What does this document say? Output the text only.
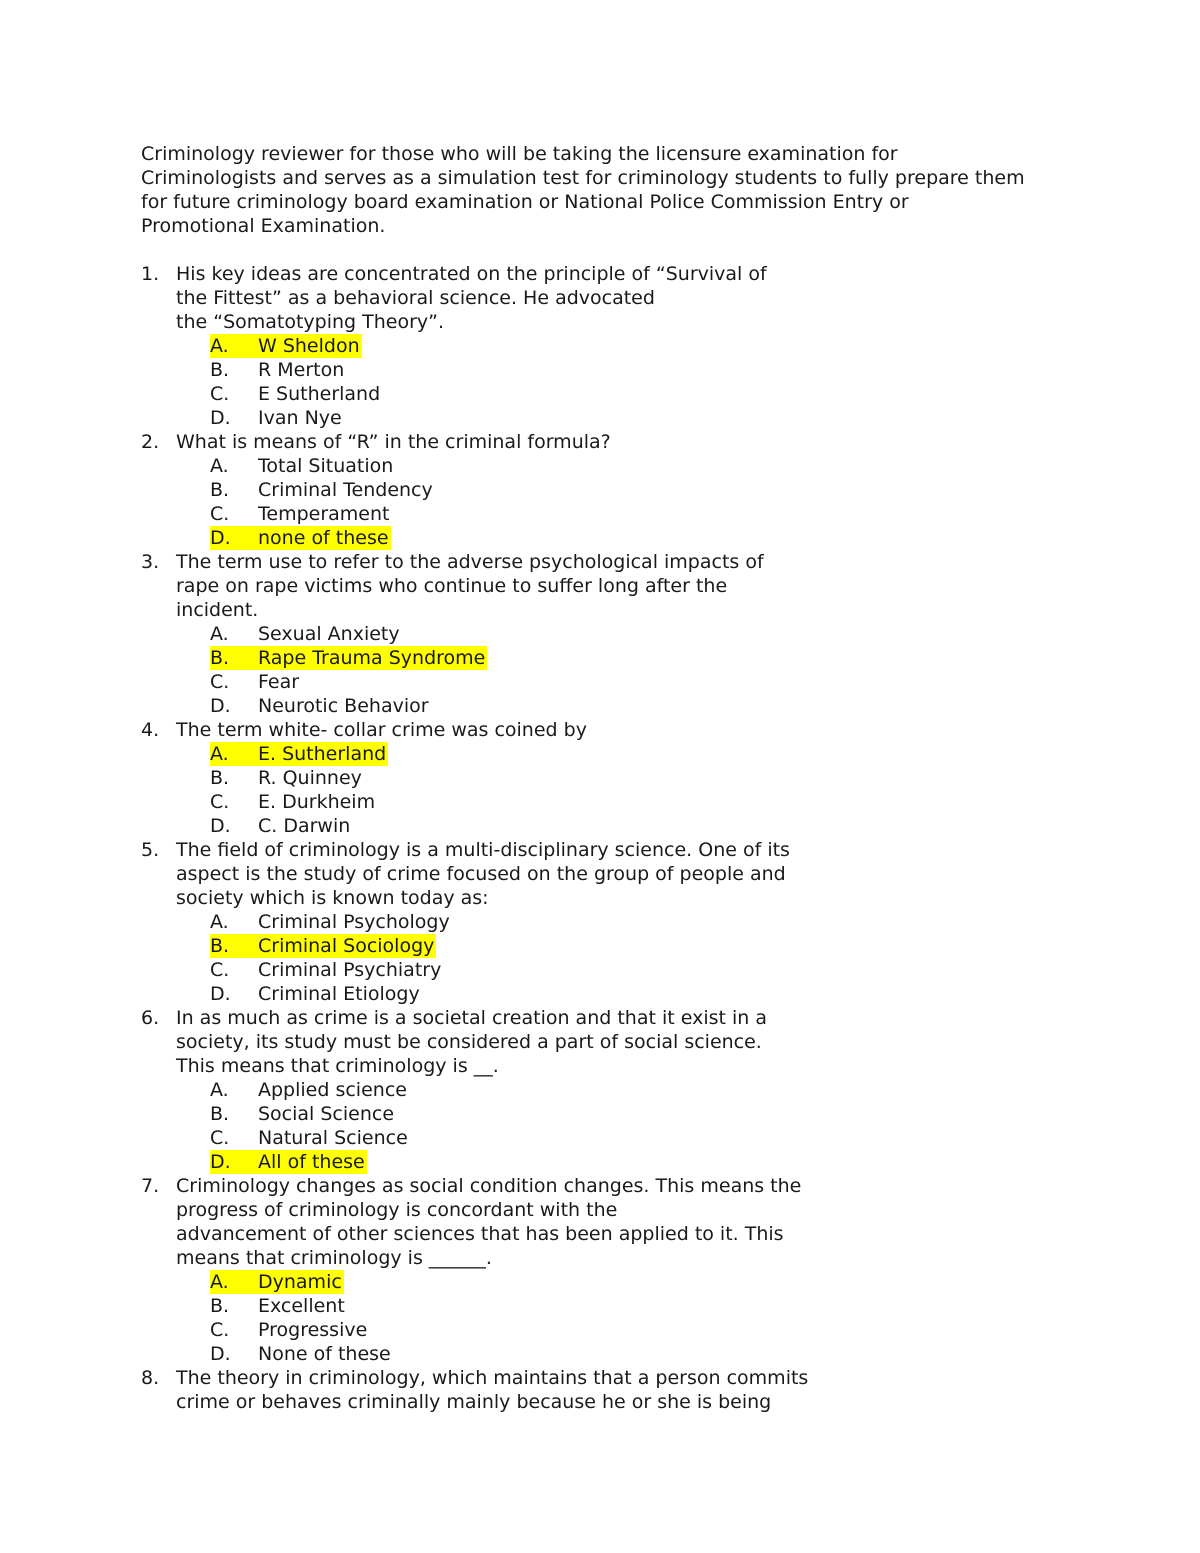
Criminology reviewer for those who will be taking the licensure examination for
Criminologists and serves as a simulation test for criminology students to fully prepare them
for future criminology board examination or National Police Commission Entry or
Promotional Examination.
1. His key ideas are concentrated on the principle of “Survival of
the Fittest” as a behavioral science. He advocated
the “Somatotyping Theory”.
A. W Sheldon
B. R Merton
C. E Sutherland
D. Ivan Nye
2. What is means of “R” in the criminal formula?
A. Total Situation
B. Criminal Tendency
C. Temperament
D. none of these
3. The term use to refer to the adverse psychological impacts of
rape on rape victims who continue to suffer long after the
incident.
A. Sexual Anxiety
B. Rape Trauma Syndrome
C. Fear
D. Neurotic Behavior
4. The term white- collar crime was coined by
A. E. Sutherland
B. R. Quinney
C. E. Durkheim
D. C. Darwin
5. The field of criminology is a multi-disciplinary science. One of its
aspect is the study of crime focused on the group of people and
society which is known today as:
A. Criminal Psychology
B. Criminal Sociology
C. Criminal Psychiatry
D. Criminal Etiology
6. In as much as crime is a societal creation and that it exist in a
society, its study must be considered a part of social science.
This means that criminology is __.
A. Applied science
B. Social Science
C. Natural Science
D. All of these
7. Criminology changes as social condition changes. This means the
progress of criminology is concordant with the
advancement of other sciences that has been applied to it. This
means that criminology is ______.
A. Dynamic
B. Excellent
C. Progressive
D. None of these
8. The theory in criminology, which maintains that a person commits
crime or behaves criminally mainly because he or she is being
